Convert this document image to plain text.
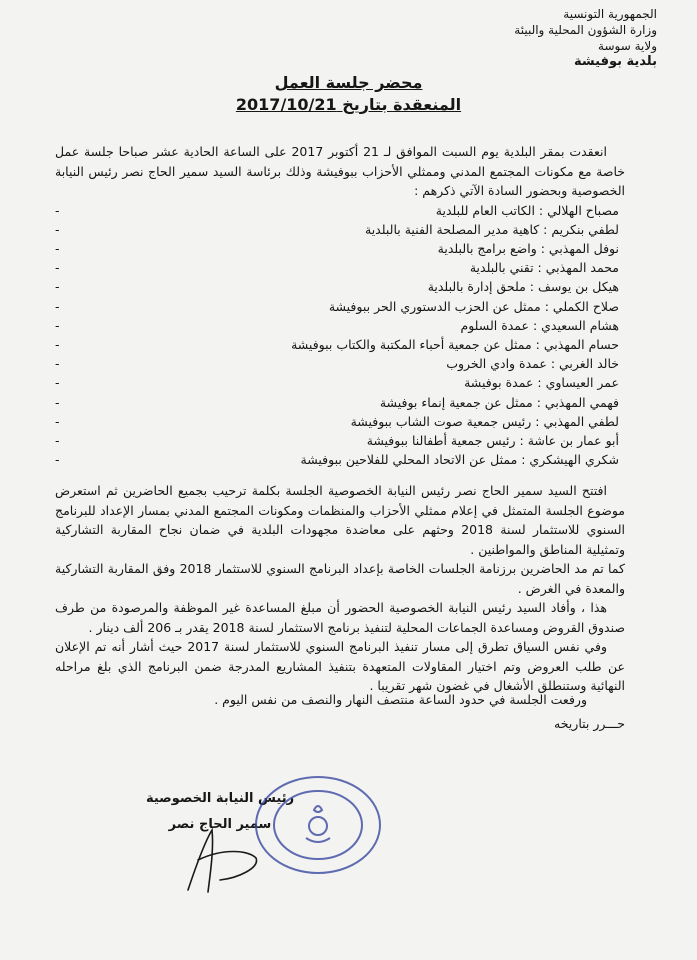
الجمهورية التونسية
وزارة الشؤون المحلية والبيئة
ولاية سوسة
بلدية بوفيشة
محضر جلسة العمل
المنعقدة بتاريخ 2017/10/21

انعقدت بمقر البلدية يوم السبت الموافق لـ 21 أكتوبر 2017 على الساعة الحادية عشر صباحا جلسة عمل خاصة مع مكونات المجتمع المدني وممثلي الأحزاب ببوفيشة وذلك برئاسة السيد سمير الحاج نصر رئيس النيابة الخصوصية وبحضور السادة الآتي ذكرهم :

مصباح الهلالي : الكاتب العام للبلدية
-
لطفي بنكريم : كاهية مدير المصلحة الفنية بالبلدية
-
نوفل المهذبي : واضع برامج بالبلدية
-
محمد المهذبي : تقني بالبلدية
-
هيكل بن يوسف : ملحق إدارة بالبلدية
-
صلاح الكملي : ممثل عن الحزب الدستوري الحر ببوفيشة
-
هشام السعيدي : عمدة السلوم
-
حسام المهذبي : ممثل عن جمعية أحباء المكتبة والكتاب ببوفيشة
-
خالد الغربي : عمدة وادي الخروب
-
عمر العيساوي : عمدة بوفيشة
-
فهمي المهذبي : ممثل عن جمعية إنماء بوفيشة
-
لطفي المهذبي : رئيس جمعية صوت الشاب ببوفيشة
-
أبو عمار بن عاشة : رئيس جمعية أطفالنا ببوفيشة
-
شكري الهيشكري : ممثل عن الاتحاد المحلي للفلاحين ببوفيشة
-

افتتح السيد سمير الحاج نصر رئيس النيابة الخصوصية الجلسة بكلمة ترحيب بجميع الحاضرين ثم استعرض موضوع الجلسة المتمثل في إعلام ممثلي الأحزاب والمنظمات ومكونات المجتمع المدني بمسار الإعداد للبرنامج السنوي للاستثمار لسنة 2018 وحثهم على معاضدة مجهودات البلدية في ضمان نجاح المقاربة التشاركية وتمثيلية المناطق والمواطنين .

كما تم مد الحاضرين برزنامة الجلسات الخاصة بإعداد البرنامج السنوي للاستثمار 2018 وفق المقاربة التشاركية والمعدة في الغرض .

هذا ، وأفاد السيد رئيس النيابة الخصوصية الحضور أن مبلغ المساعدة غير الموظفة والمرصودة من طرف صندوق القروض ومساعدة الجماعات المحلية لتنفيذ برنامج الاستثمار لسنة 2018 يقدر بـ 206 ألف دينار .

وفي نفس السياق تطرق إلى مسار تنفيذ البرنامج السنوي للاستثمار لسنة 2017 حيث أشار أنه تم الإعلان عن طلب العروض وتم اختيار المقاولات المتعهدة بتنفيذ المشاريع المدرجة ضمن البرنامج الذي بلغ مراحله النهائية وستنطلق الأشغال في غضون شهر تقريبا .

ورفعت الجلسة في حدود الساعة منتصف النهار والنصف من نفس اليوم .
حـــرر بتاريخه
رئيس النيابة الخصوصية
سمير الحاج نصر
